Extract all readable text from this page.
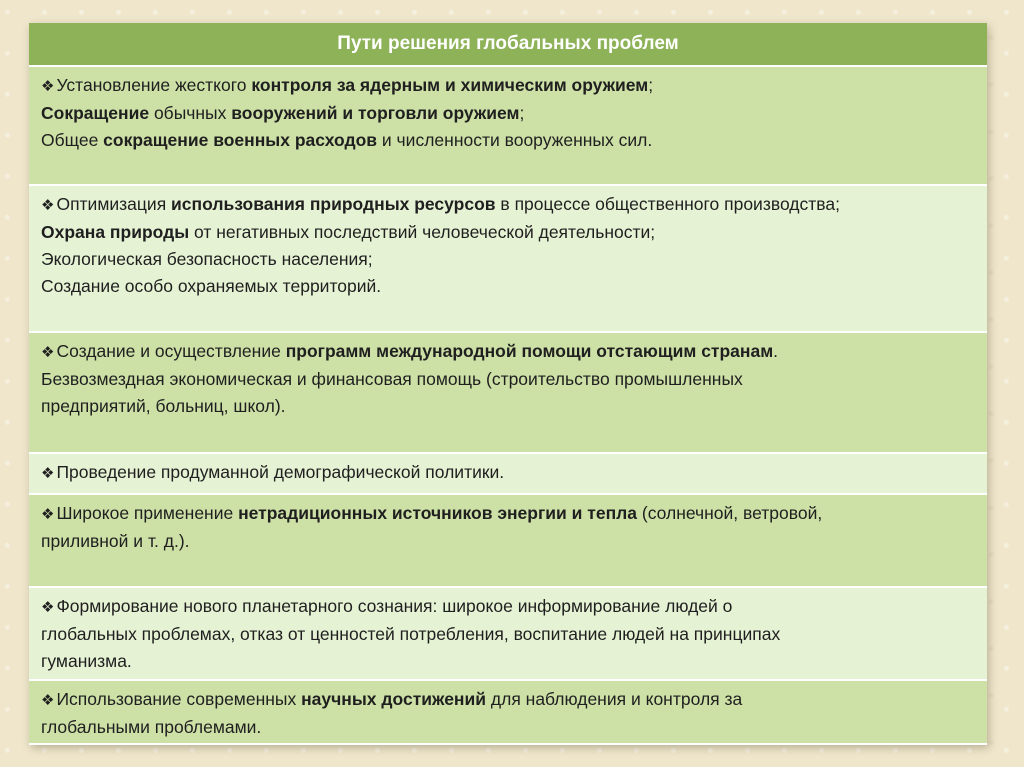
Пути решения глобальных проблем

❖ Установление жесткого контроля за ядерным и химическим оружием;
Сокращение обычных вооружений и торговли оружием;
Общее сокращение военных расходов и численности вооруженных сил.

❖ Оптимизация использования природных ресурсов в процессе общественного производства;
Охрана природы от негативных последствий человеческой деятельности;
Экологическая безопасность населения;
Создание особо охраняемых территорий.

❖ Создание и осуществление программ международной помощи отстающим странам.
Безвозмездная экономическая и финансовая помощь (строительство промышленных
предприятий, больниц, школ).

❖ Проведение продуманной демографической политики.

❖ Широкое применение нетрадиционных источников энергии и тепла (солнечной, ветровой,
приливной и т. д.).

❖ Формирование нового планетарного сознания: широкое информирование людей о
глобальных проблемах, отказ от ценностей потребления, воспитание людей на принципах
гуманизма.

❖ Использование современных научных достижений для наблюдения и контроля за
глобальными проблемами.
